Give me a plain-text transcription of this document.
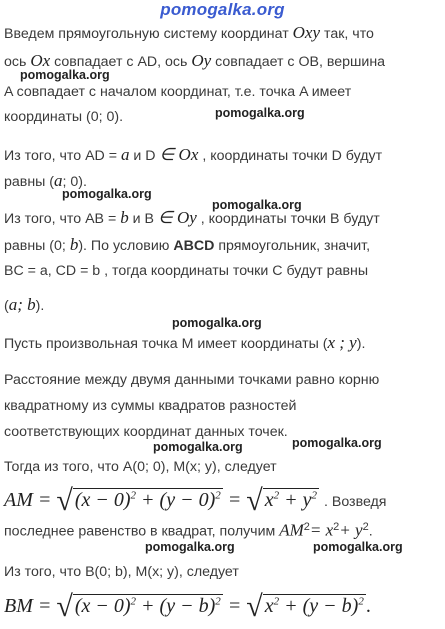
pomogalka.org
Введем прямоугольную систему координат Oxy так, что
ось Ox совпадает с AD, ось Oy совпадает с OB, вершина
pomogalka.org
A совпадает с началом координат, т.е. точка A имеет
pomogalka.org
координаты (0; 0).
Из того, что AD = a и D ∈ Ox , координаты точки D будут
равны (a; 0).
pomogalka.org
pomogalka.org
Из того, что AB = b и B ∈ Oy , координаты точки B будут
равны (0; b). По условию ABCD прямоугольник, значит,
BC = a, CD = b , тогда координаты точки C будут равны
(a; b).
pomogalka.org
Пусть произвольная точка M имеет координаты (x ; y).
Расстояние между двумя данными точками равно корню
квадратному из суммы квадратов разностей
соответствующих координат данных точек.
pomogalka.org
pomogalka.org
Тогда из того, что A(0; 0), M(x; y), следует
AM = √ $(x - 0)^2 + (y - 0)^2$ = √ $x^2 + y^2$ . Возведя
последнее равенство в квадрат, получим $AM^2= x^2+ y^2$.
pomogalka.org	pomogalka.org
Из того, что B(0; b), M(x; y), следует
BM = √ $(x - 0)^2 + (y - b)^2$ = √ $x^2 + (y - b)^2$ .
